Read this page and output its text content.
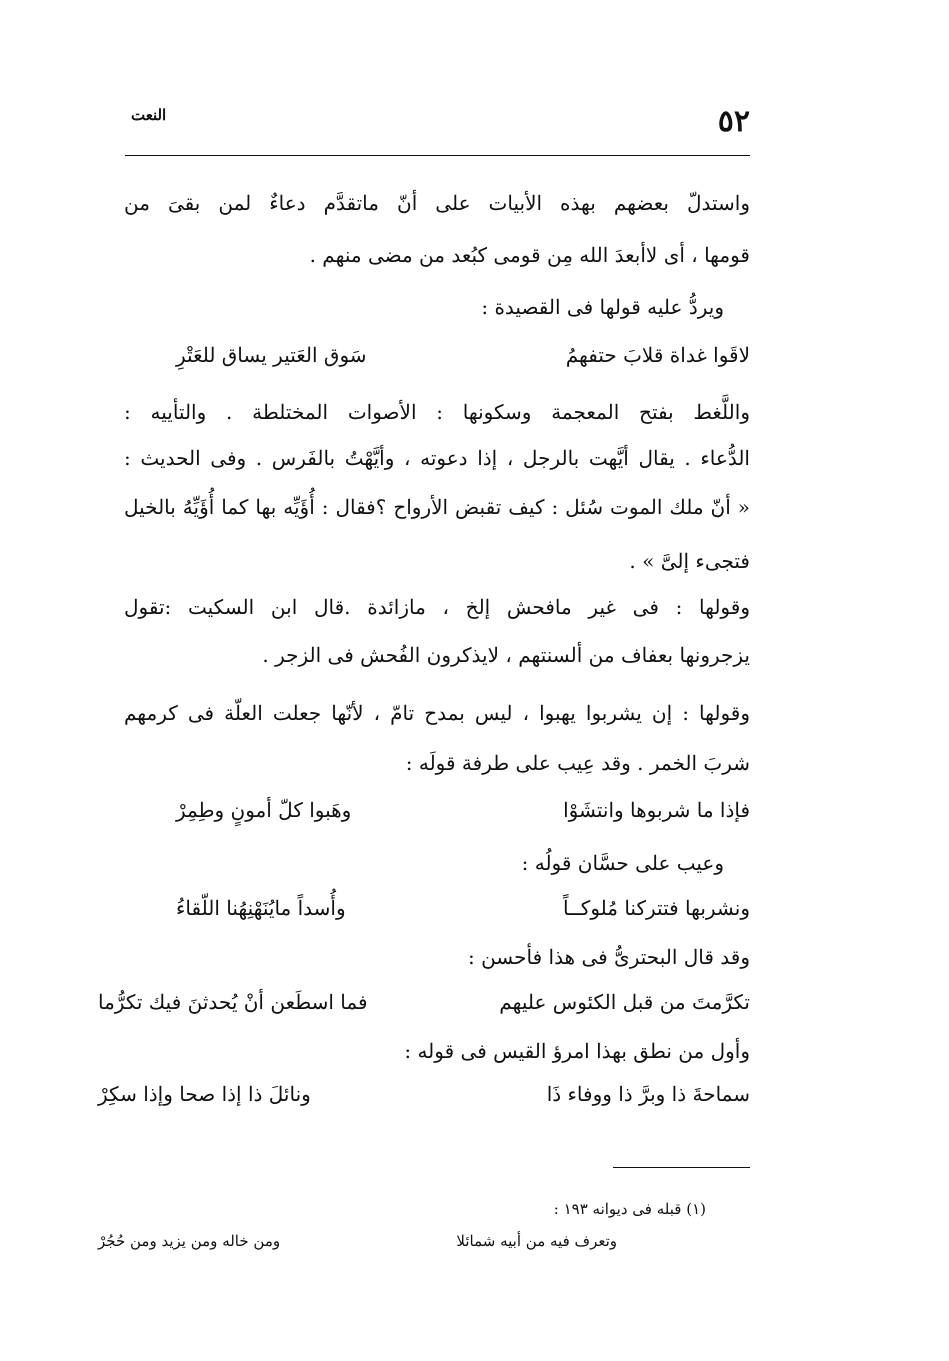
٥٢
النعت
واستدلّ بعضهم بهذه الأبيات على أنّ ماتقدَّم دعاءٌ لمن بقىَ من
قومها ، أى لاأبعدَ الله مِن قومى كبُعد من مضى منهم .
ويردُّ عليه قولها فى القصيدة :
لاقَوا غداة قلابَ حتفهمُ
سَوق العَتير يساق للعَتْرِ
واللَّغط بفتح المعجمة وسكونها : الأصوات المختلطة . والتأييه :
الدُّعاء . يقال أيَّهت بالرجل ، إذا دعوته ، وأيَّهْتُ بالفَرس . وفى الحديث :
« أنّ ملك الموت سُئل : كيف تقبض الأرواح ؟فقال : أُؤَيِّه بها كما أُؤَيِّهُ بالخيل
فتجىء إلىَّ » .
وقولها : فى غير مافحش إلخ ، مازائدة .قال ابن السكيت :تقول
يزجرونها بعفاف من ألسنتهم ، لايذكرون الفُحش فى الزجر .
وقولها : إن يشربوا يهبوا ، ليس بمدح تامّ ، لأنّها جعلت العلّة فى كرمهم
شربَ الخمر . وقد عِيب على طرفة قولَه :
فإذا ما شربوها وانتشَوْا
وهَبوا كلّ أمونٍ وطِمِرْ
وعيب على حسَّان قولُه :
ونشربها فتتركنا مُلوكــاً
وأُسداً مايُنَهْنِهُنا اللّقاءُ
وقد قال البحترىُّ فى هذا فأحسن :
تكرَّمتَ من قبل الكئوس عليهم
فما اسطَعن أنْ يُحدثنَ فيك تكرُّما
وأول من نطق بهذا امرؤ القيس فى قوله :
سماحةَ ذا وبرَّ ذا ووفاء ذَا
ونائلَ ذا إذا صحا وإذا سكِرْ
(١) قبله فى ديوانه ١٩٣ :
وتعرف فيه من أبيه شمائلا
ومن خاله ومن يزيد ومن حُجُرْ
